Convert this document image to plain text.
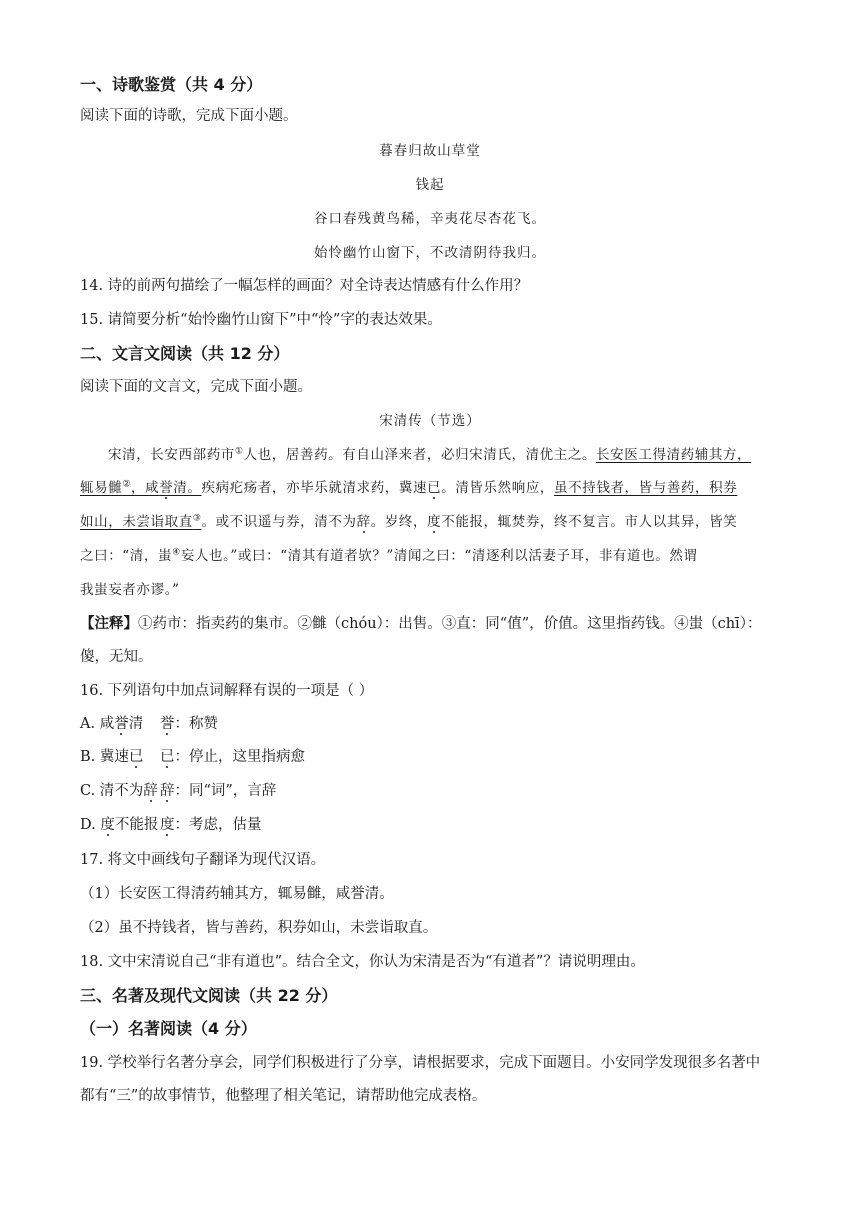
一、诗歌鉴赏（共 4 分）
阅读下面的诗歌，完成下面小题。
暮春归故山草堂
钱起
谷口春残黄鸟稀，辛夷花尽杏花飞。
始怜幽竹山窗下，不改清阴待我归。
14. 诗的前两句描绘了一幅怎样的画面？对全诗表达情感有什么作用？
15. 请简要分析“始怜幽竹山窗下”中“怜”字的表达效果。
二、文言文阅读（共 12 分）
阅读下面的文言文，完成下面小题。
宋清传（节选）
宋清，长安西部药市①人也，居善药。有自山泽来者，必归宋清氏，清优主之。长安医工得清药辅其方，
辄易雠②，咸誉清。疾病疕疡者，亦毕乐就清求药，冀速已。清皆乐然响应，虽不持钱者，皆与善药，积券
如山，未尝诣取直③。或不识遥与券，清不为辞。岁终，度不能报，辄焚券，终不复言。市人以其异，皆笑
之曰：“清，蚩④妄人也。”或曰：“清其有道者欤？”清闻之曰：“清逐利以活妻子耳，非有道也。然谓
我蚩妄者亦谬。”
【注释】①药市：指卖药的集市。②雠（chóu）：出售。③直：同“值”，价值。这里指药钱。④蚩（chī）：
傻，无知。
16. 下列语句中加点词解释有误的一项是（ ）
A. 咸誉清 誉：称赞
B. 冀速已 已：停止，这里指病愈
C. 清不为辞 辞：同“词”，言辞
D. 度不能报 度：考虑，估量
17. 将文中画线句子翻译为现代汉语。
（1）长安医工得清药辅其方，辄易雠，咸誉清。
（2）虽不持钱者，皆与善药，积券如山，未尝诣取直。
18. 文中宋清说自己“非有道也”。结合全文，你认为宋清是否为“有道者”？请说明理由。
三、名著及现代文阅读（共 22 分）
（一）名著阅读（4 分）
19. 学校举行名著分享会，同学们积极进行了分享，请根据要求，完成下面题目。小安同学发现很多名著中
都有“三”的故事情节，他整理了相关笔记，请帮助他完成表格。
